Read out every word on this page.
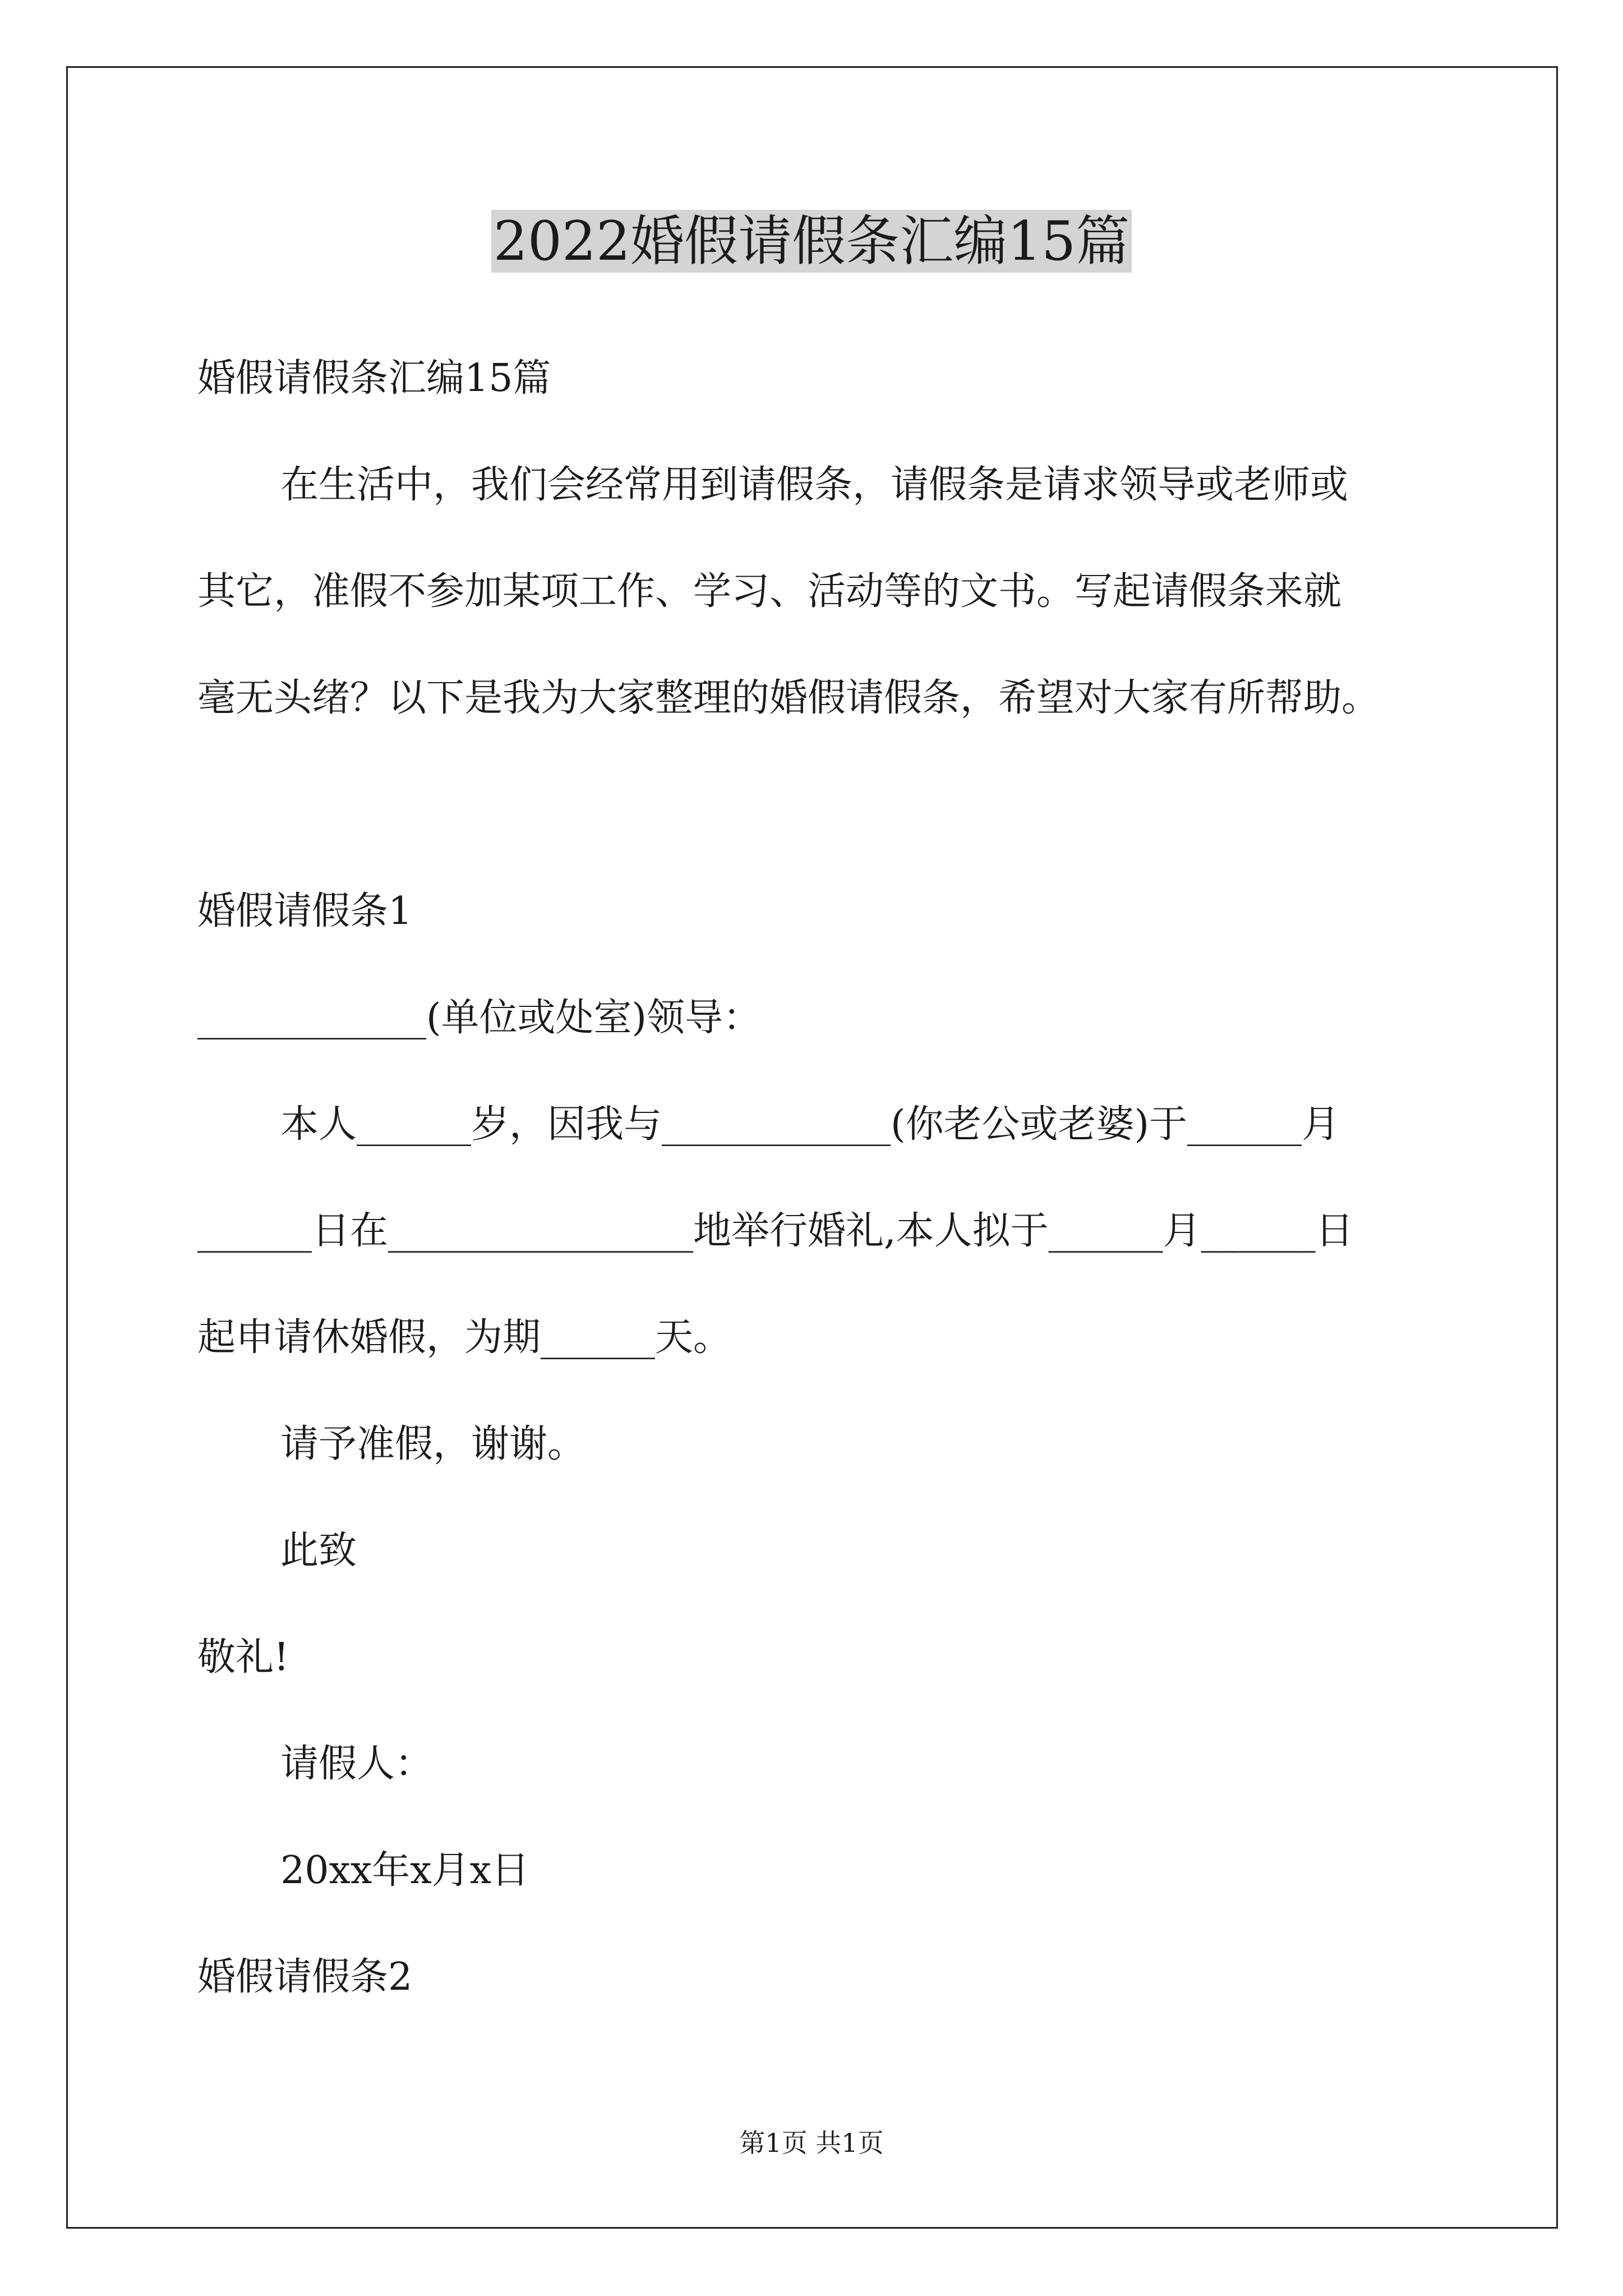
2022婚假请假条汇编15篇

婚假请假条汇编15篇

在生活中，我们会经常用到请假条，请假条是请求领导或老师或

其它，准假不参加某项工作、学习、活动等的文书。写起请假条来就

毫无头绪？以下是我为大家整理的婚假请假条，希望对大家有所帮助。

婚假请假条1

____________(单位或处室)领导：

本人______岁，因我与____________(你老公或老婆)于______月

______日在________________地举行婚礼,本人拟于______月______日

起申请休婚假，为期______天。

请予准假，谢谢。

此致

敬礼!

请假人：

20xx年x月x日

婚假请假条2

第1页 共1页
